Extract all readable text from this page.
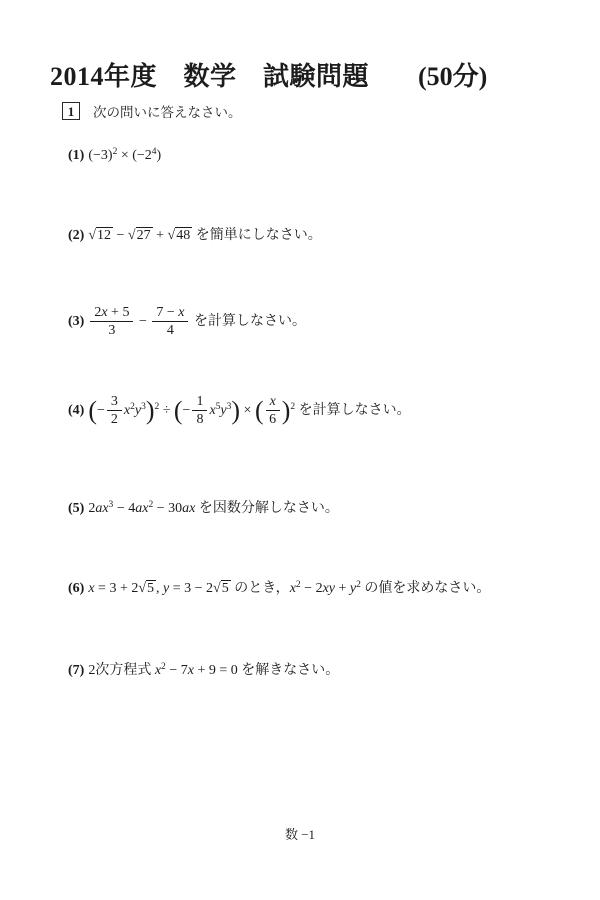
2014年度　数学　試験問題 (50分)
1	次の問いに答えなさい。
(1) $(-3)^2 \times (-2^4)$
(2) √12 − √27 + √48 を簡単にしなさい。
$(3) \frac{2x + 5}{3} - \frac{7 - x}{4}$ を計算しなさい。
(4) (− $\frac{3}{2} x^2y^3)^2$ ÷ (− $\frac{1}{8} x^5y^3$) × ( $\frac{x}{6} )^2$ を計算しなさい。
(5) $2ax^3 - 4ax^2 - 30ax$ を因数分解しなさい。
(6) x = 3 + 2√5 , y = 3 − 2√5 のとき，$x^2 - 2xy + y^2$ の値を求めなさい。
(7) 2次方程式 $x^2 - 7x + 9 = 0$ を解きなさい。
数 −1
